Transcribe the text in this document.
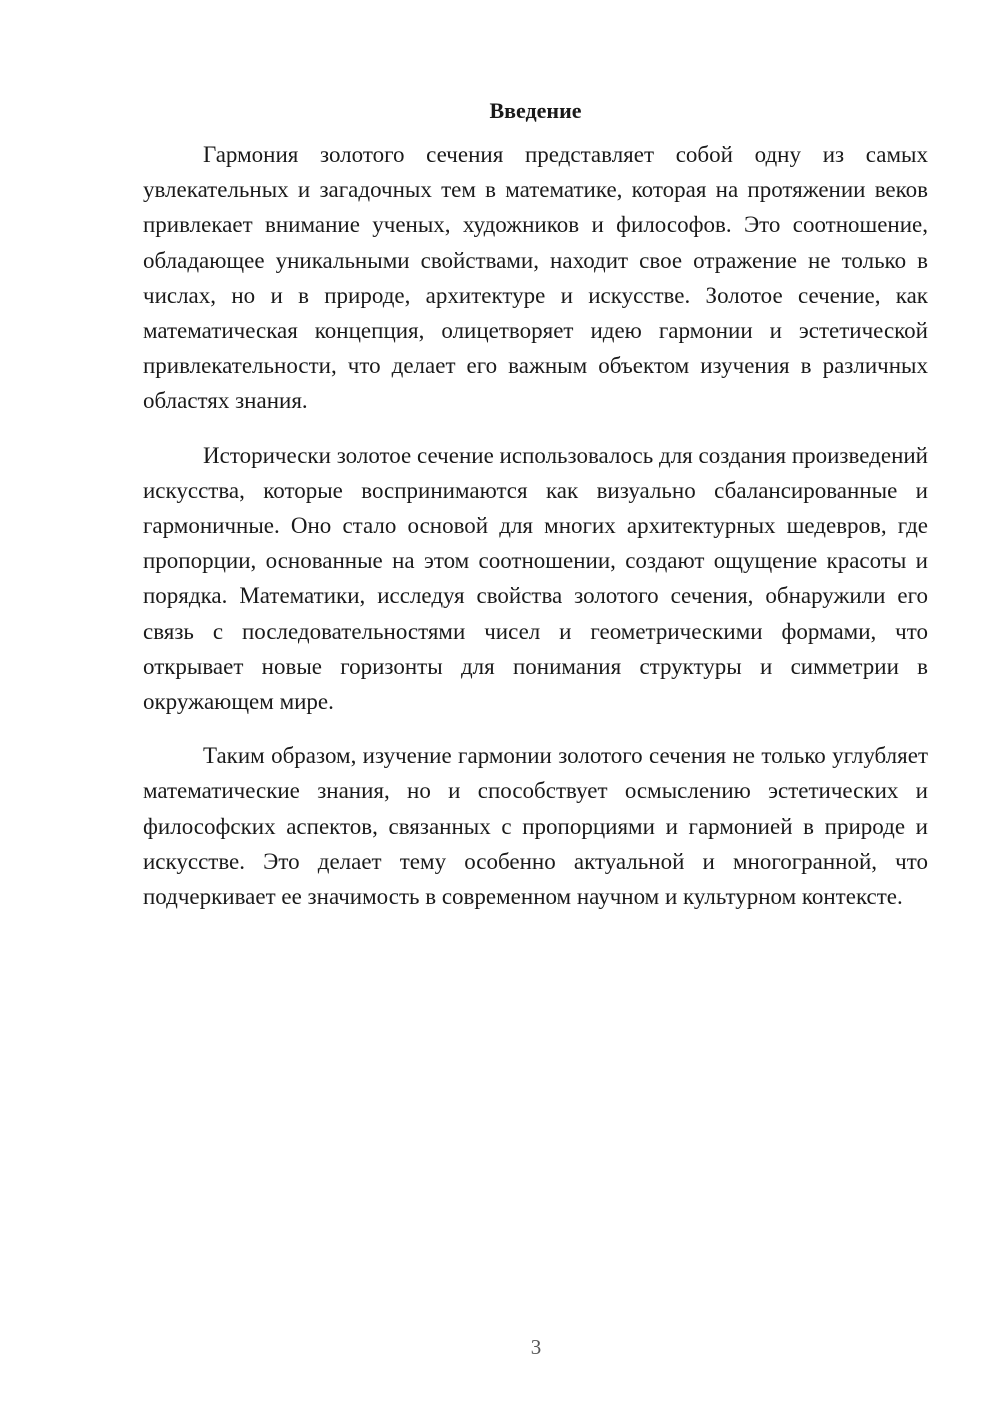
Введение

Гармония золотого сечения представляет собой одну из самых увлекательных и загадочных тем в математике, которая на протяжении веков привлекает внимание ученых, художников и философов. Это соотношение, обладающее уникальными свойствами, находит свое отражение не только в числах, но и в природе, архитектуре и искусстве. Золотое сечение, как математическая концепция, олицетворяет идею гармонии и эстетической привлекательности, что делает его важным объектом изучения в различных областях знания.

Исторически золотое сечение использовалось для создания произведений искусства, которые воспринимаются как визуально сбалансированные и гармоничные. Оно стало основой для многих архитектурных шедевров, где пропорции, основанные на этом соотношении, создают ощущение красоты и порядка. Математики, исследуя свойства золотого сечения, обнаружили его связь с последовательностями чисел и геометрическими формами, что открывает новые горизонты для понимания структуры и симметрии в окружающем мире.

Таким образом, изучение гармонии золотого сечения не только углубляет математические знания, но и способствует осмыслению эстетических и философских аспектов, связанных с пропорциями и гармонией в природе и искусстве. Это делает тему особенно актуальной и многогранной, что подчеркивает ее значимость в современном научном и культурном контексте.

3
